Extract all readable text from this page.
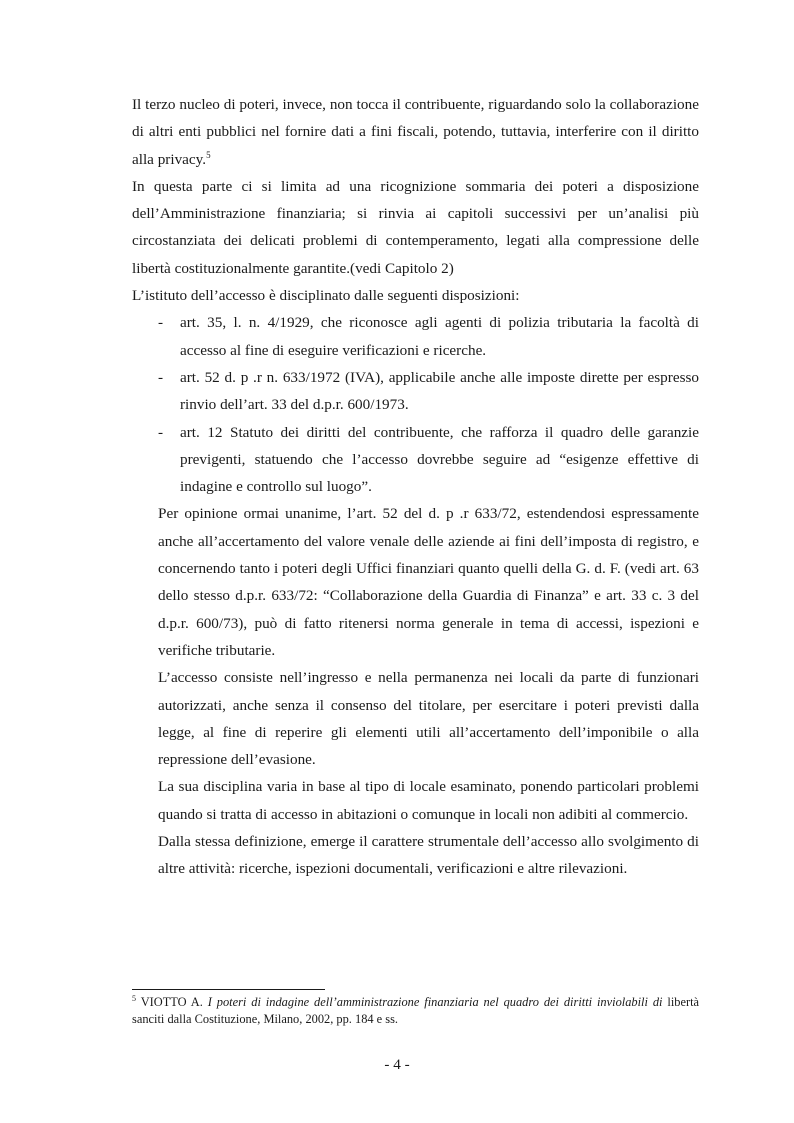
Il terzo nucleo di poteri, invece, non tocca il contribuente, riguardando solo la collaborazione di altri enti pubblici nel fornire dati a fini fiscali, potendo, tuttavia, interferire con il diritto alla privacy.$^5$

In questa parte ci si limita ad una ricognizione sommaria dei poteri a disposizione dell’Amministrazione finanziaria; si rinvia ai capitoli successivi per un’analisi più circostanziata dei delicati problemi di contemperamento, legati alla compressione delle libertà costituzionalmente garantite.(vedi Capitolo 2)

L’istituto dell’accesso è disciplinato dalle seguenti disposizioni:

- art. 35, l. n. 4/1929, che riconosce agli agenti di polizia tributaria la facoltà di accesso al fine di eseguire verificazioni e ricerche.
- art. 52 d. p .r n. 633/1972 (IVA), applicabile anche alle imposte dirette per espresso rinvio dell’art. 33 del d.p.r. 600/1973.
- art. 12 Statuto dei diritti del contribuente, che rafforza il quadro delle garanzie previgenti, statuendo che l’accesso dovrebbe seguire ad “esigenze effettive di indagine e controllo sul luogo”.

Per opinione ormai unanime, l’art. 52 del d. p .r 633/72, estendendosi espressamente anche all’accertamento del valore venale delle aziende ai fini dell’imposta di registro, e concernendo tanto i poteri degli Uffici finanziari quanto quelli della G. d. F. (vedi art. 63 dello stesso d.p.r. 633/72: “Collaborazione della Guardia di Finanza” e art. 33 c. 3 del d.p.r. 600/73), può di fatto ritenersi norma generale in tema di accessi, ispezioni e verifiche tributarie.

L’accesso consiste nell’ingresso e nella permanenza nei locali da parte di funzionari autorizzati, anche senza il consenso del titolare, per esercitare i poteri previsti dalla legge, al fine di reperire gli elementi utili all’accertamento dell’imponibile o alla repressione dell’evasione.

La sua disciplina varia in base al tipo di locale esaminato, ponendo particolari problemi quando si tratta di accesso in abitazioni o comunque in locali non adibiti al commercio.

Dalla stessa definizione, emerge il carattere strumentale dell’accesso allo svolgimento di altre attività: ricerche, ispezioni documentali, verificazioni e altre rilevazioni.

$^5$ VIOTTO A. I poteri di indagine dell’amministrazione finanziaria nel quadro dei diritti inviolabili di libertà sanciti dalla Costituzione, Milano, 2002, pp. 184 e ss.
- 4 -
